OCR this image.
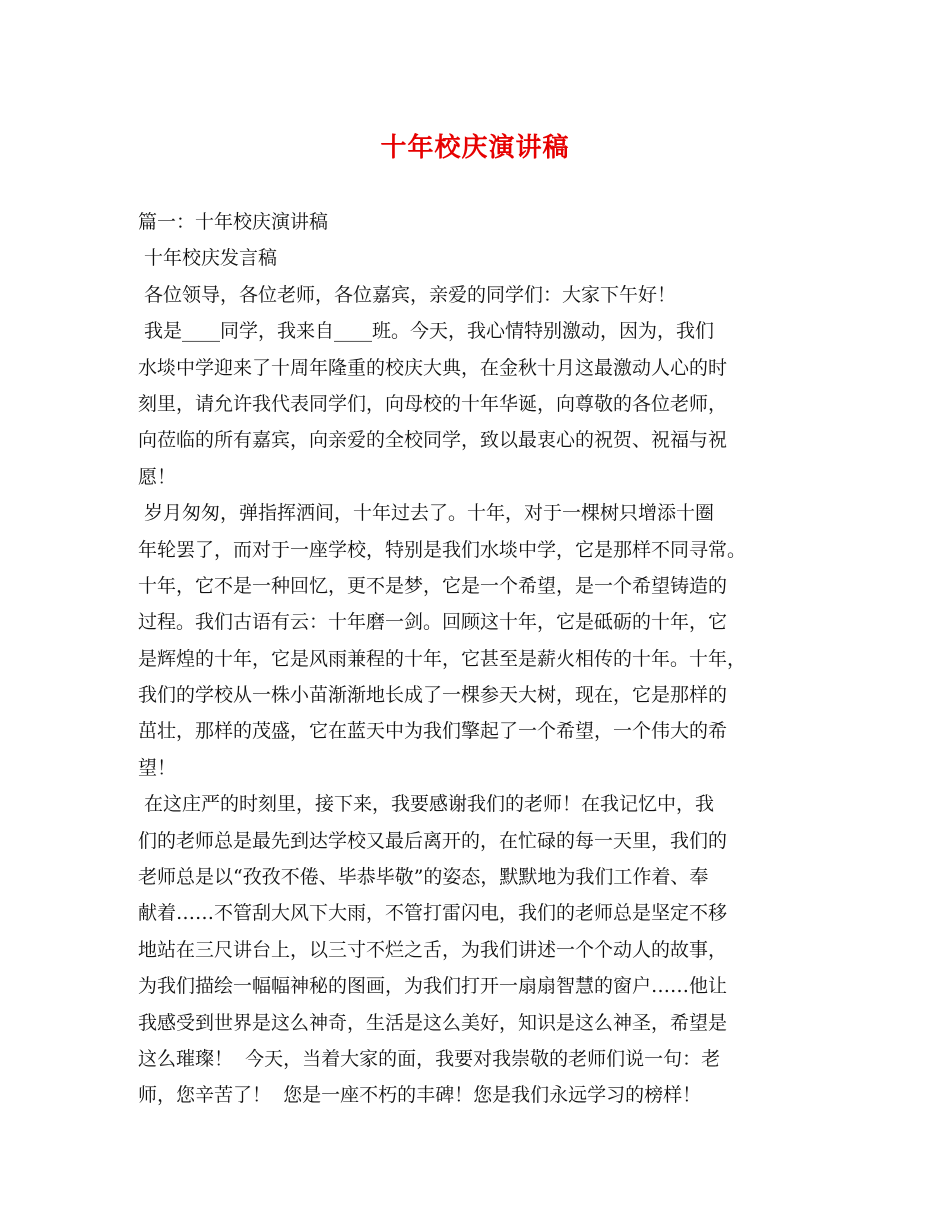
十年校庆演讲稿
篇一：十年校庆演讲稿
十年校庆发言稿
各位领导，各位老师，各位嘉宾，亲爱的同学们：大家下午好！
我是____同学，我来自____班。今天，我心情特别激动，因为，我们
水埮中学迎来了十周年隆重的校庆大典，在金秋十月这最激动人心的时
刻里，请允许我代表同学们，向母校的十年华诞，向尊敬的各位老师，
向莅临的所有嘉宾，向亲爱的全校同学，致以最衷心的祝贺、祝福与祝
愿！
岁月匆匆，弹指挥洒间，十年过去了。十年，对于一棵树只增添十圈
年轮罢了，而对于一座学校，特别是我们水埮中学，它是那样不同寻常。
十年，它不是一种回忆，更不是梦，它是一个希望，是一个希望铸造的
过程。我们古语有云：十年磨一剑。回顾这十年，它是砥砺的十年，它
是辉煌的十年，它是风雨兼程的十年，它甚至是薪火相传的十年。十年，
我们的学校从一株小苗渐渐地长成了一棵参天大树，现在，它是那样的
茁壮，那样的茂盛，它在蓝天中为我们擎起了一个希望，一个伟大的希
望！
在这庄严的时刻里，接下来，我要感谢我们的老师！在我记忆中，我
们的老师总是最先到达学校又最后离开的，在忙碌的每一天里，我们的
老师总是以“孜孜不倦、毕恭毕敬”的姿态，默默地为我们工作着、奉
献着……不管刮大风下大雨，不管打雷闪电，我们的老师总是坚定不移
地站在三尺讲台上，以三寸不烂之舌，为我们讲述一个个动人的故事，
为我们描绘一幅幅神秘的图画，为我们打开一扇扇智慧的窗户……他让
我感受到世界是这么神奇，生活是这么美好，知识是这么神圣，希望是
这么璀璨！  今天，当着大家的面，我要对我崇敬的老师们说一句：老
师，您辛苦了！  您是一座不朽的丰碑！您是我们永远学习的榜样！
